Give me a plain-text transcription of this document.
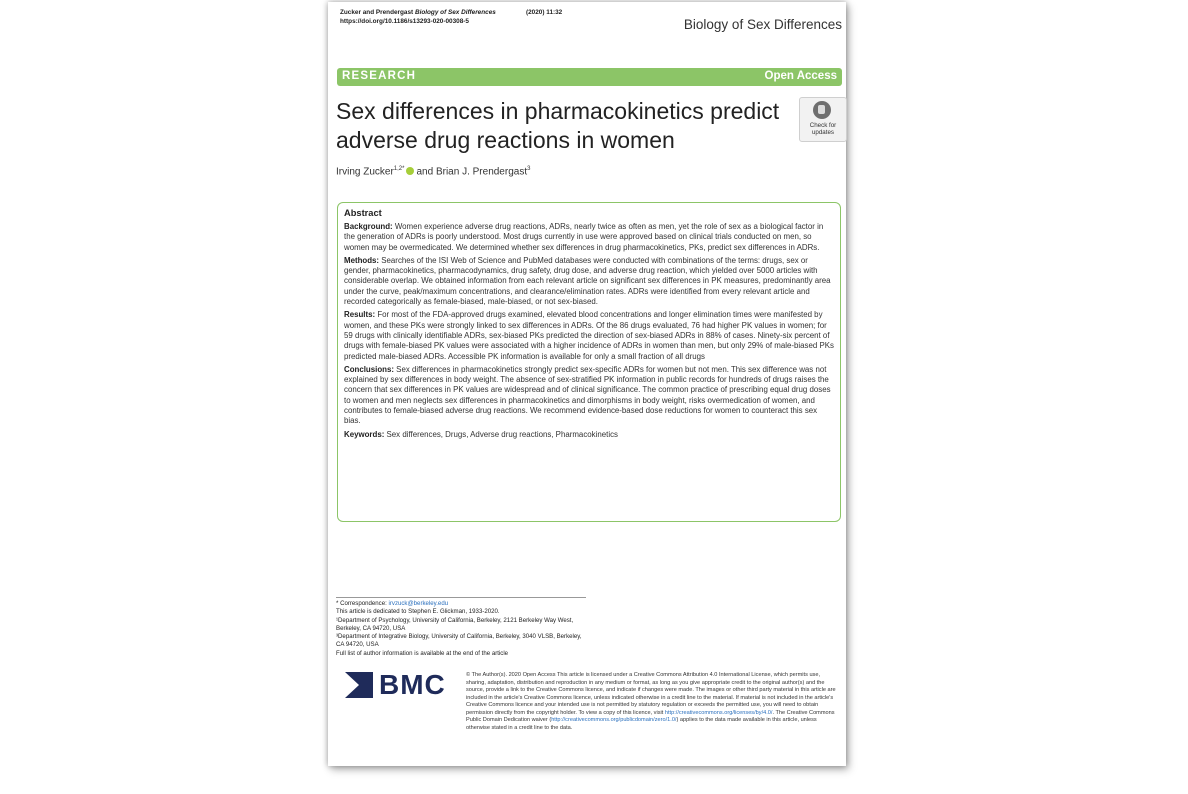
Zucker and Prendergast Biology of Sex Differences	(2020) 11:32
https://doi.org/10.1186/s13293-020-00308-5	Biology of Sex Differences
RESEARCH	Open Access
Sex differences in pharmacokinetics predict adverse drug reactions in women
Check for
updates
Irving Zucker$^{1,2*}$ and Brian J. Prendergast$^3$
Abstract

Background: Women experience adverse drug reactions, ADRs, nearly twice as often as men, yet the role of sex as a biological factor in the generation of ADRs is poorly understood. Most drugs currently in use were approved based on clinical trials conducted on men, so women may be overmedicated. We determined whether sex differences in drug pharmacokinetics, PKs, predict sex differences in ADRs.

Methods: Searches of the ISI Web of Science and PubMed databases were conducted with combinations of the terms: drugs, sex or gender, pharmacokinetics, pharmacodynamics, drug safety, drug dose, and adverse drug reaction, which yielded over 5000 articles with considerable overlap. We obtained information from each relevant article on significant sex differences in PK measures, predominantly area under the curve, peak/maximum concentrations, and clearance/elimination rates. ADRs were identified from every relevant article and recorded categorically as female-biased, male-biased, or not sex-biased.

Results: For most of the FDA-approved drugs examined, elevated blood concentrations and longer elimination times were manifested by women, and these PKs were strongly linked to sex differences in ADRs. Of the 86 drugs evaluated, 76 had higher PK values in women; for 59 drugs with clinically identifiable ADRs, sex-biased PKs predicted the direction of sex-biased ADRs in 88% of cases. Ninety-six percent of drugs with female-biased PK values were associated with a higher incidence of ADRs in women than men, but only 29% of male-biased PKs predicted male-biased ADRs. Accessible PK information is available for only a small fraction of all drugs

Conclusions: Sex differences in pharmacokinetics strongly predict sex-specific ADRs for women but not men. This sex difference was not explained by sex differences in body weight. The absence of sex-stratified PK information in public records for hundreds of drugs raises the concern that sex differences in PK values are widespread and of clinical significance. The common practice of prescribing equal drug doses to women and men neglects sex differences in pharmacokinetics and dimorphisms in body weight, risks overmedication of women, and contributes to female-biased adverse drug reactions. We recommend evidence-based dose reductions for women to counteract this sex bias.

Keywords: Sex differences, Drugs, Adverse drug reactions, Pharmacokinetics

* Correspondence: irvzuck@berkeley.edu
This article is dedicated to Stephen E. Glickman, 1933-2020.
¹Department of Psychology, University of California, Berkeley, 2121 Berkeley Way West, Berkeley, CA 94720, USA
³Department of Integrative Biology, University of California, Berkeley, 3040 VLSB, Berkeley, CA 94720, USA
Full list of author information is available at the end of the article
BMC	© The Author(s). 2020 Open Access This article is licensed under a Creative Commons Attribution 4.0 International License, which permits use, sharing, adaptation, distribution and reproduction in any medium or format, as long as you give appropriate credit to the original author(s) and the source, provide a link to the Creative Commons licence, and indicate if changes were made. The images or other third party material in this article are included in the article's Creative Commons licence, unless indicated otherwise in a credit line to the material. If material is not included in the article's Creative Commons licence and your intended use is not permitted by statutory regulation or exceeds the permitted use, you will need to obtain permission directly from the copyright holder. To view a copy of this licence, visit http://creativecommons.org/licenses/by/4.0/. The Creative Commons Public Domain Dedication waiver (http://creativecommons.org/publicdomain/zero/1.0/) applies to the data made available in this article, unless otherwise stated in a credit line to the data.
